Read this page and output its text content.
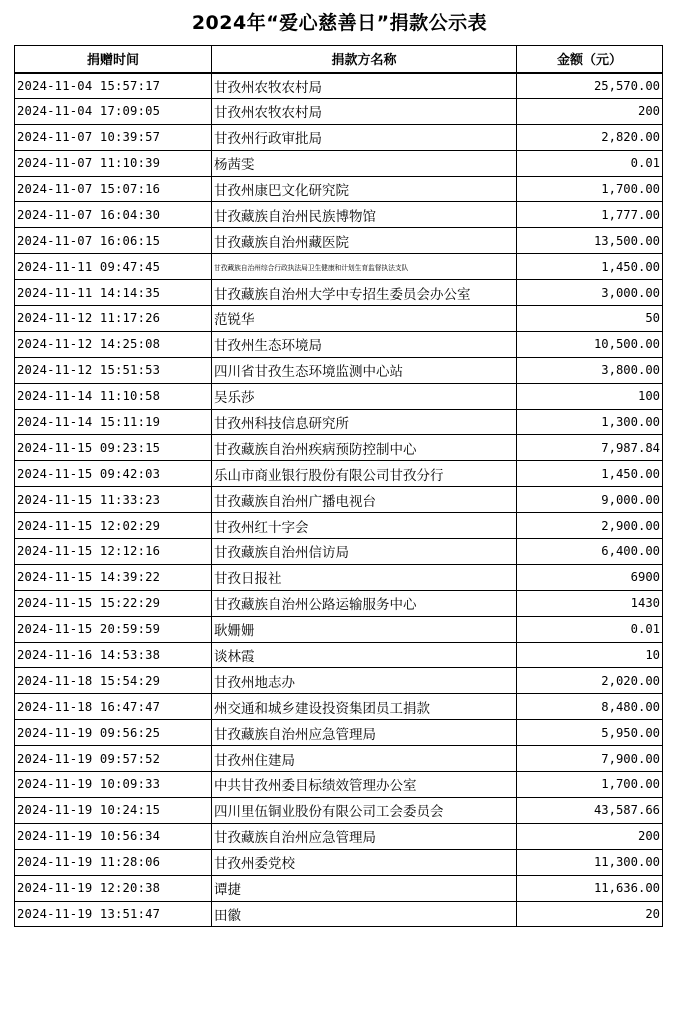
2024年“爱心慈善日”捐款公示表
捐赠时间	捐款方名称	金额（元）
2024-11-04 15:57:17	甘孜州农牧农村局	25,570.00
2024-11-04 17:09:05	甘孜州农牧农村局	200
2024-11-07 10:39:57	甘孜州行政审批局	2,820.00
2024-11-07 11:10:39	杨茜雯	0.01
2024-11-07 15:07:16	甘孜州康巴文化研究院	1,700.00
2024-11-07 16:04:30	甘孜藏族自治州民族博物馆	1,777.00
2024-11-07 16:06:15	甘孜藏族自治州藏医院	13,500.00
2024-11-11 09:47:45	甘孜藏族自治州综合行政执法局卫生健康和计划生育监督执法支队	1,450.00
2024-11-11 14:14:35	甘孜藏族自治州大学中专招生委员会办公室	3,000.00
2024-11-12 11:17:26	范锐华	50
2024-11-12 14:25:08	甘孜州生态环境局	10,500.00
2024-11-12 15:51:53	四川省甘孜生态环境监测中心站	3,800.00
2024-11-14 11:10:58	吴乐莎	100
2024-11-14 15:11:19	甘孜州科技信息研究所	1,300.00
2024-11-15 09:23:15	甘孜藏族自治州疾病预防控制中心	7,987.84
2024-11-15 09:42:03	乐山市商业银行股份有限公司甘孜分行	1,450.00
2024-11-15 11:33:23	甘孜藏族自治州广播电视台	9,000.00
2024-11-15 12:02:29	甘孜州红十字会	2,900.00
2024-11-15 12:12:16	甘孜藏族自治州信访局	6,400.00
2024-11-15 14:39:22	甘孜日报社	6900
2024-11-15 15:22:29	甘孜藏族自治州公路运输服务中心	1430
2024-11-15 20:59:59	耿姗姗	0.01
2024-11-16 14:53:38	谈林霞	10
2024-11-18 15:54:29	甘孜州地志办	2,020.00
2024-11-18 16:47:47	州交通和城乡建设投资集团员工捐款	8,480.00
2024-11-19 09:56:25	甘孜藏族自治州应急管理局	5,950.00
2024-11-19 09:57:52	甘孜州住建局	7,900.00
2024-11-19 10:09:33	中共甘孜州委目标绩效管理办公室	1,700.00
2024-11-19 10:24:15	四川里伍铜业股份有限公司工会委员会	43,587.66
2024-11-19 10:56:34	甘孜藏族自治州应急管理局	200
2024-11-19 11:28:06	甘孜州委党校	11,300.00
2024-11-19 12:20:38	谭捷	11,636.00
2024-11-19 13:51:47	田徽	20
